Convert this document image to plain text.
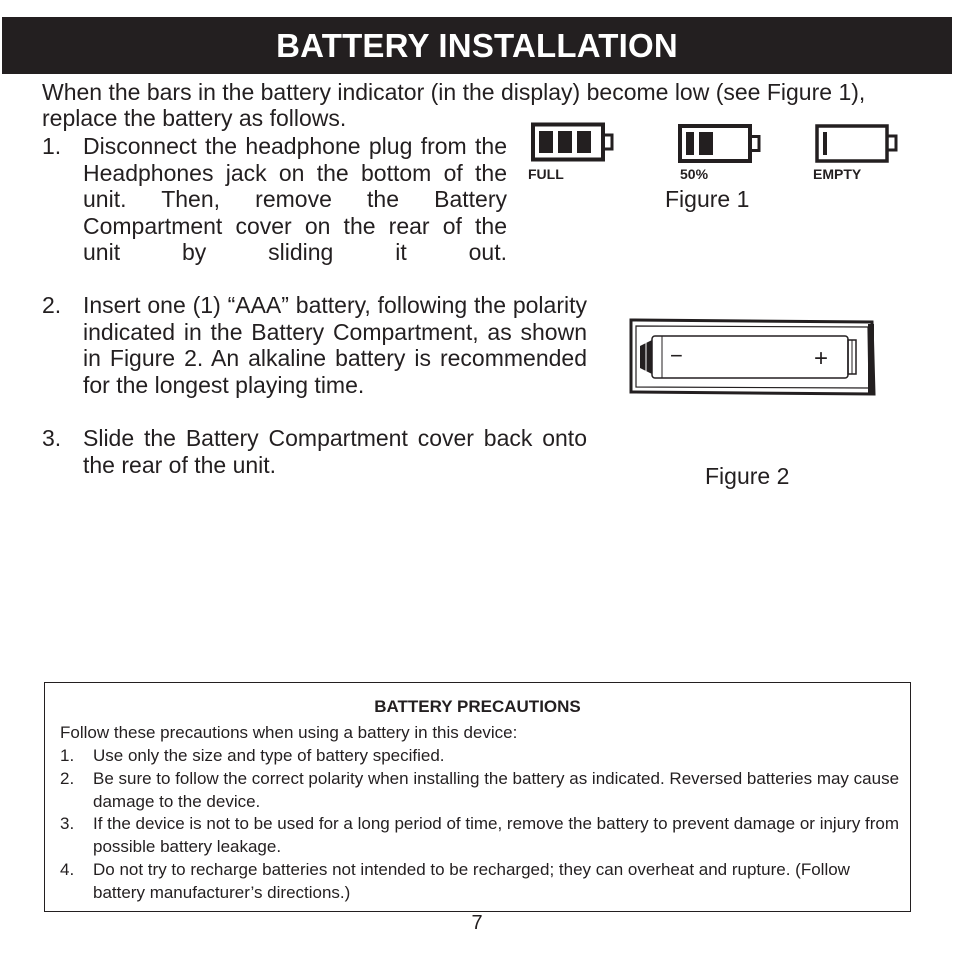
BATTERY INSTALLATION
When the bars in the battery indicator (in the display) become low (see Figure 1), replace the battery as follows.
1. Disconnect the headphone plug from the Headphones jack on the bottom of the unit. Then, remove the Battery Compartment cover on the rear of the unit by sliding it out.
2. Insert one (1) “AAA” battery, following the polarity indicated in the Battery Compartment, as shown in Figure 2. An alkaline battery is recommended for the longest playing time.
3. Slide the Battery Compartment cover back onto the rear of the unit.
FULL	50%	EMPTY
Figure 1
−	+
Figure 2
BATTERY PRECAUTIONS
Follow these precautions when using a battery in this device:
1. Use only the size and type of battery specified.
2. Be sure to follow the correct polarity when installing the battery as indicated. Reversed batteries may cause damage to the device.
3. If the device is not to be used for a long period of time, remove the battery to prevent damage or injury from possible battery leakage.
4. Do not try to recharge batteries not intended to be recharged; they can overheat and rupture. (Follow battery manufacturer’s directions.)
7
